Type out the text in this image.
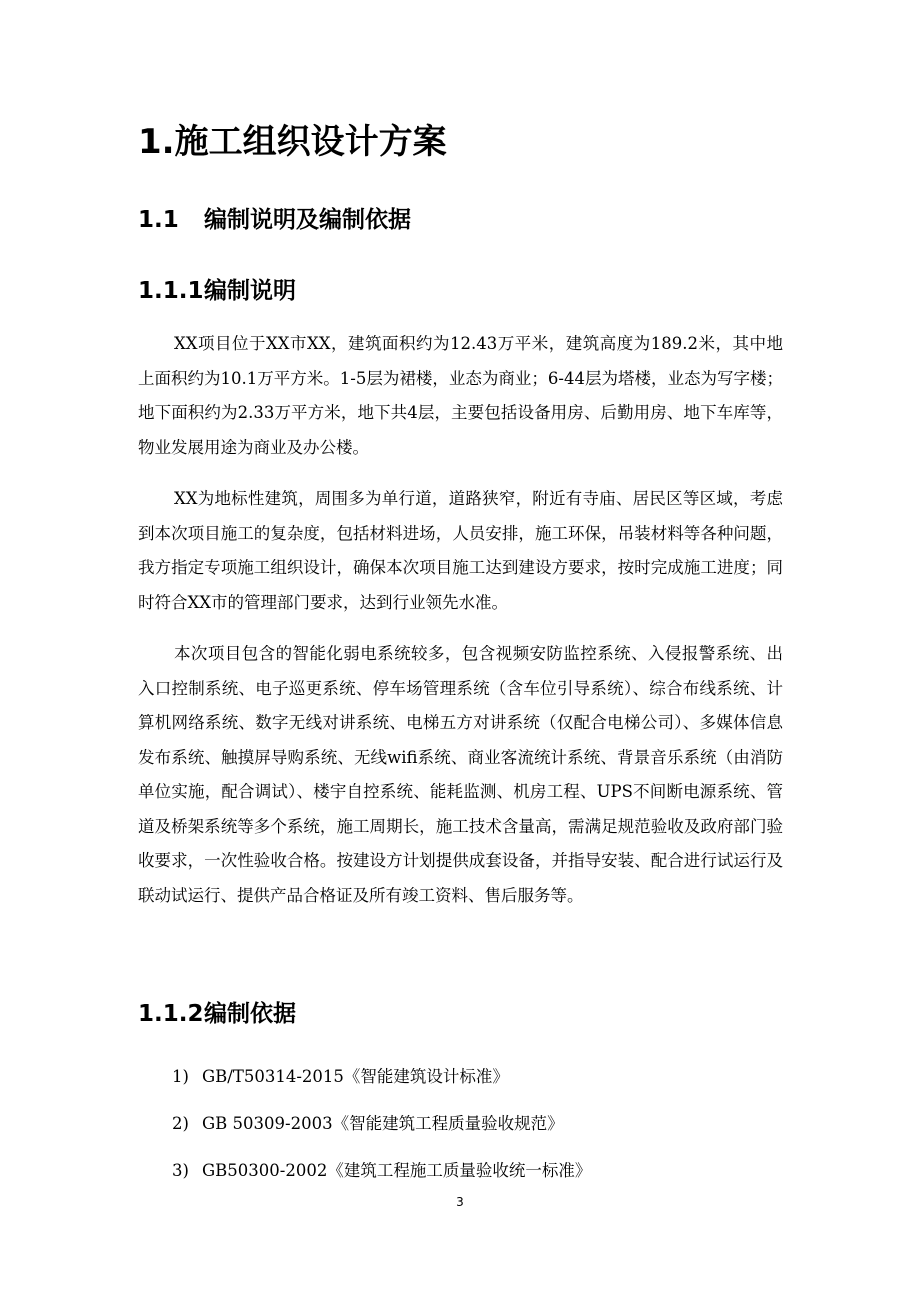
1.施工组织设计方案
1.1 编制说明及编制依据
1.1.1编制说明

XX项目位于XX市XX，建筑面积约为12.43万平米，建筑高度为189.2米，其中地上面积约为10.1万平方米。1-5层为裙楼，业态为商业；6-44层为塔楼，业态为写字楼；地下面积约为2.33万平方米，地下共4层，主要包括设备用房、后勤用房、地下车库等，物业发展用途为商业及办公楼。

XX为地标性建筑，周围多为单行道，道路狭窄，附近有寺庙、居民区等区域，考虑到本次项目施工的复杂度，包括材料进场，人员安排，施工环保，吊装材料等各种问题，我方指定专项施工组织设计，确保本次项目施工达到建设方要求，按时完成施工进度；同时符合XX市的管理部门要求，达到行业领先水准。

本次项目包含的智能化弱电系统较多，包含视频安防监控系统、入侵报警系统、出入口控制系统、电子巡更系统、停车场管理系统（含车位引导系统）、综合布线系统、计算机网络系统、数字无线对讲系统、电梯五方对讲系统（仅配合电梯公司）、多媒体信息发布系统、触摸屏导购系统、无线wifi系统、商业客流统计系统、背景音乐系统（由消防单位实施，配合调试）、楼宇自控系统、能耗监测、机房工程、UPS不间断电源系统、管道及桥架系统等多个系统，施工周期长，施工技术含量高，需满足规范验收及政府部门验收要求，一次性验收合格。按建设方计划提供成套设备，并指导安装、配合进行试运行及联动试运行、提供产品合格证及所有竣工资料、售后服务等。

1.1.2编制依据

1) GB/T50314-2015《智能建筑设计标准》

2) GB 50309-2003《智能建筑工程质量验收规范》

3) GB50300-2002《建筑工程施工质量验收统一标准》

3
